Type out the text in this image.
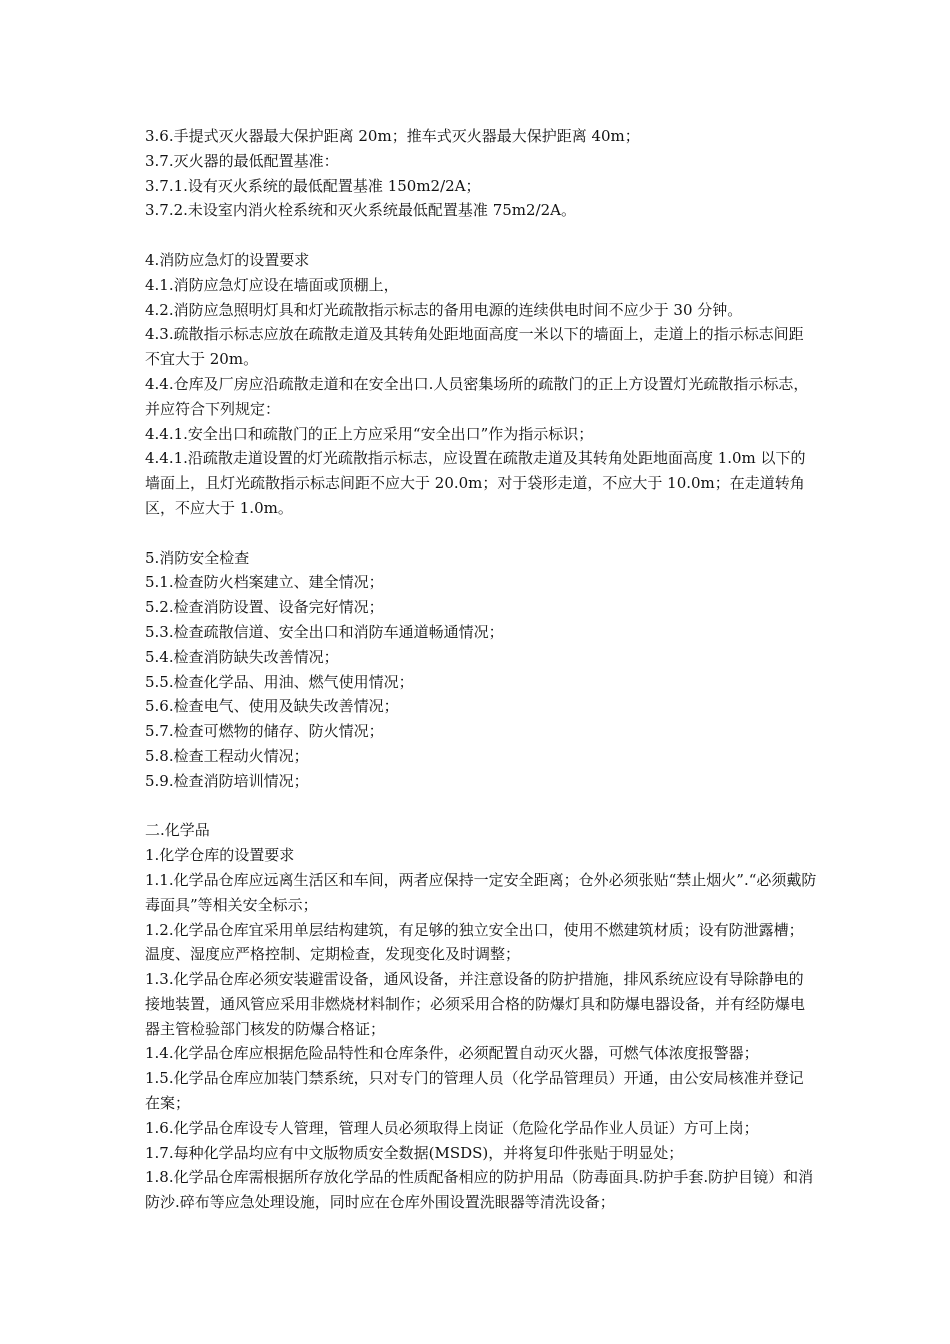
3.6.手提式灭火器最大保护距离 20m；推车式灭火器最大保护距离 40m；
3.7.灭火器的最低配置基准：
3.7.1.设有灭火系统的最低配置基准 150m2/2A；
3.7.2.未设室内消火栓系统和灭火系统最低配置基准 75m2/2A。
4.消防应急灯的设置要求
4.1.消防应急灯应设在墙面或顶棚上，
4.2.消防应急照明灯具和灯光疏散指示标志的备用电源的连续供电时间不应少于 30 分钟。
4.3.疏散指示标志应放在疏散走道及其转角处距地面高度一米以下的墙面上，走道上的指示标志间距不宜大于 20m。
4.4.仓库及厂房应沿疏散走道和在安全出口.人员密集场所的疏散门的正上方设置灯光疏散指示标志，并应符合下列规定：
4.4.1.安全出口和疏散门的正上方应采用“安全出口”作为指示标识；
4.4.1.沿疏散走道设置的灯光疏散指示标志，应设置在疏散走道及其转角处距地面高度 1.0m 以下的墙面上，且灯光疏散指示标志间距不应大于 20.0m；对于袋形走道，不应大于 10.0m；在走道转角区，不应大于 1.0m。
5.消防安全检查
5.1.检查防火档案建立、建全情况；
5.2.检查消防设置、设备完好情况；
5.3.检查疏散信道、安全出口和消防车通道畅通情况；
5.4.检查消防缺失改善情况；
5.5.检查化学品、用油、燃气使用情况；
5.6.检查电气、使用及缺失改善情况；
5.7.检查可燃物的储存、防火情况；
5.8.检查工程动火情况；
5.9.检查消防培训情况；
二.化学品
1.化学仓库的设置要求
1.1.化学品仓库应远离生活区和车间，两者应保持一定安全距离；仓外必须张贴“禁止烟火”.“必须戴防毒面具”等相关安全标示；
1.2.化学品仓库宜采用单层结构建筑，有足够的独立安全出口，使用不燃建筑材质；设有防泄露槽；温度、湿度应严格控制、定期检查，发现变化及时调整；
1.3.化学品仓库必须安装避雷设备，通风设备，并注意设备的防护措施，排风系统应设有导除静电的接地装置，通风管应采用非燃烧材料制作；必须采用合格的防爆灯具和防爆电器设备，并有经防爆电器主管检验部门核发的防爆合格证；
1.4.化学品仓库应根据危险品特性和仓库条件，必须配置自动灭火器，可燃气体浓度报警器；
1.5.化学品仓库应加装门禁系统，只对专门的管理人员（化学品管理员）开通，由公安局核准并登记在案；
1.6.化学品仓库设专人管理，管理人员必须取得上岗证（危险化学品作业人员证）方可上岗；
1.7.每种化学品均应有中文版物质安全数据(MSDS)，并将复印件张贴于明显处；
1.8.化学品仓库需根据所存放化学品的性质配备相应的防护用品（防毒面具.防护手套.防护目镜）和消防沙.碎布等应急处理设施，同时应在仓库外围设置洗眼器等清洗设备；
